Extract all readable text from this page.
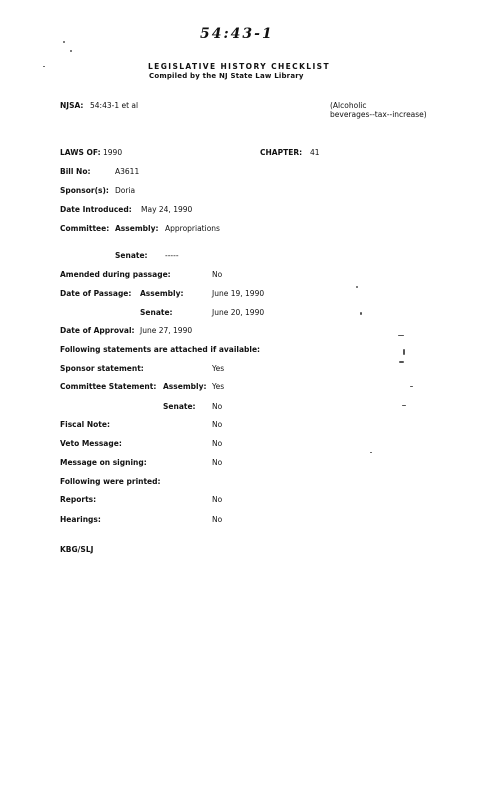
54:43-1
LEGISLATIVE HISTORY CHECKLIST
Compiled by the NJ State Law Library
NJSA: 54:43-1 et al	(Alcoholic
beverages--tax--increase)
LAWS OF: 1990	CHAPTER: 41
Bill No:	A3611
Sponsor(s): Doria
Date Introduced: May 24, 1990
Committee: Assembly: Appropriations
Senate: -----
Amended during passage:	No
Date of Passage: Assembly:	June 19, 1990
Senate:	June 20, 1990
Date of Approval: June 27, 1990
Following statements are attached if available:
Sponsor statement:	Yes
Committee Statement: Assembly: Yes
Senate: No
Fiscal Note:	No
Veto Message:	No
Message on signing:	No
Following were printed:
Reports:	No
Hearings:	No
KBG/SLJ
